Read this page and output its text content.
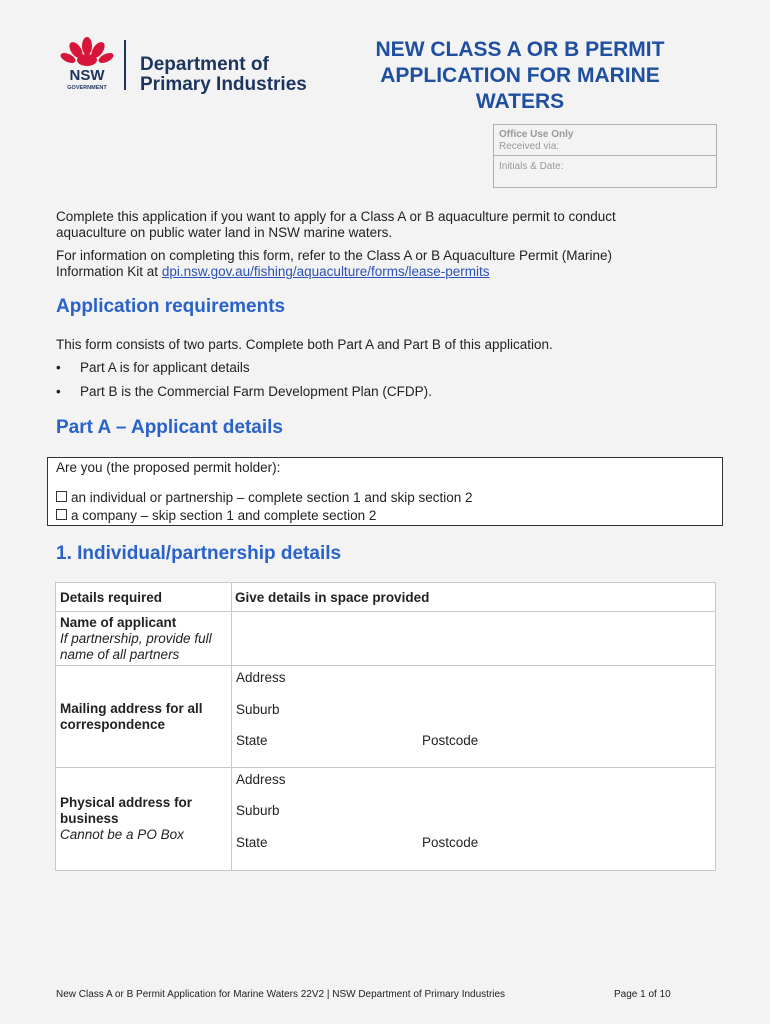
NSW
GOVERNMENT
Department of
Primary Industries
NEW CLASS A OR B PERMIT
APPLICATION FOR MARINE
WATERS
Office Use Only
Received via:
Initials & Date:

Complete this application if you want to apply for a Class A or B aquaculture permit to conduct

aquaculture on public water land in NSW marine waters.

For information on completing this form, refer to the Class A or B Aquaculture Permit (Marine)

Information Kit at dpi.nsw.gov.au/fishing/aquaculture/forms/lease-permits

Application requirements

This form consists of two parts. Complete both Part A and Part B of this application.

• Part A is for applicant details
• Part B is the Commercial Farm Development Plan (CFDP).
Part A – Applicant details
Are you (the proposed permit holder):
an individual or partnership – complete section 1 and skip section 2
a company – skip section 1 and complete section 2
1. Individual/partnership details
Details required	Give details in space provided
Name of applicant
If partnership, provide full
name of all partners
Mailing address for all
correspondence
Address
Suburb
State	Postcode
Physical address for
business
Cannot be a PO Box
Address
Suburb
State	Postcode
New Class A or B Permit Application for Marine Waters 22V2 | NSW Department of Primary Industries	Page 1 of 10
